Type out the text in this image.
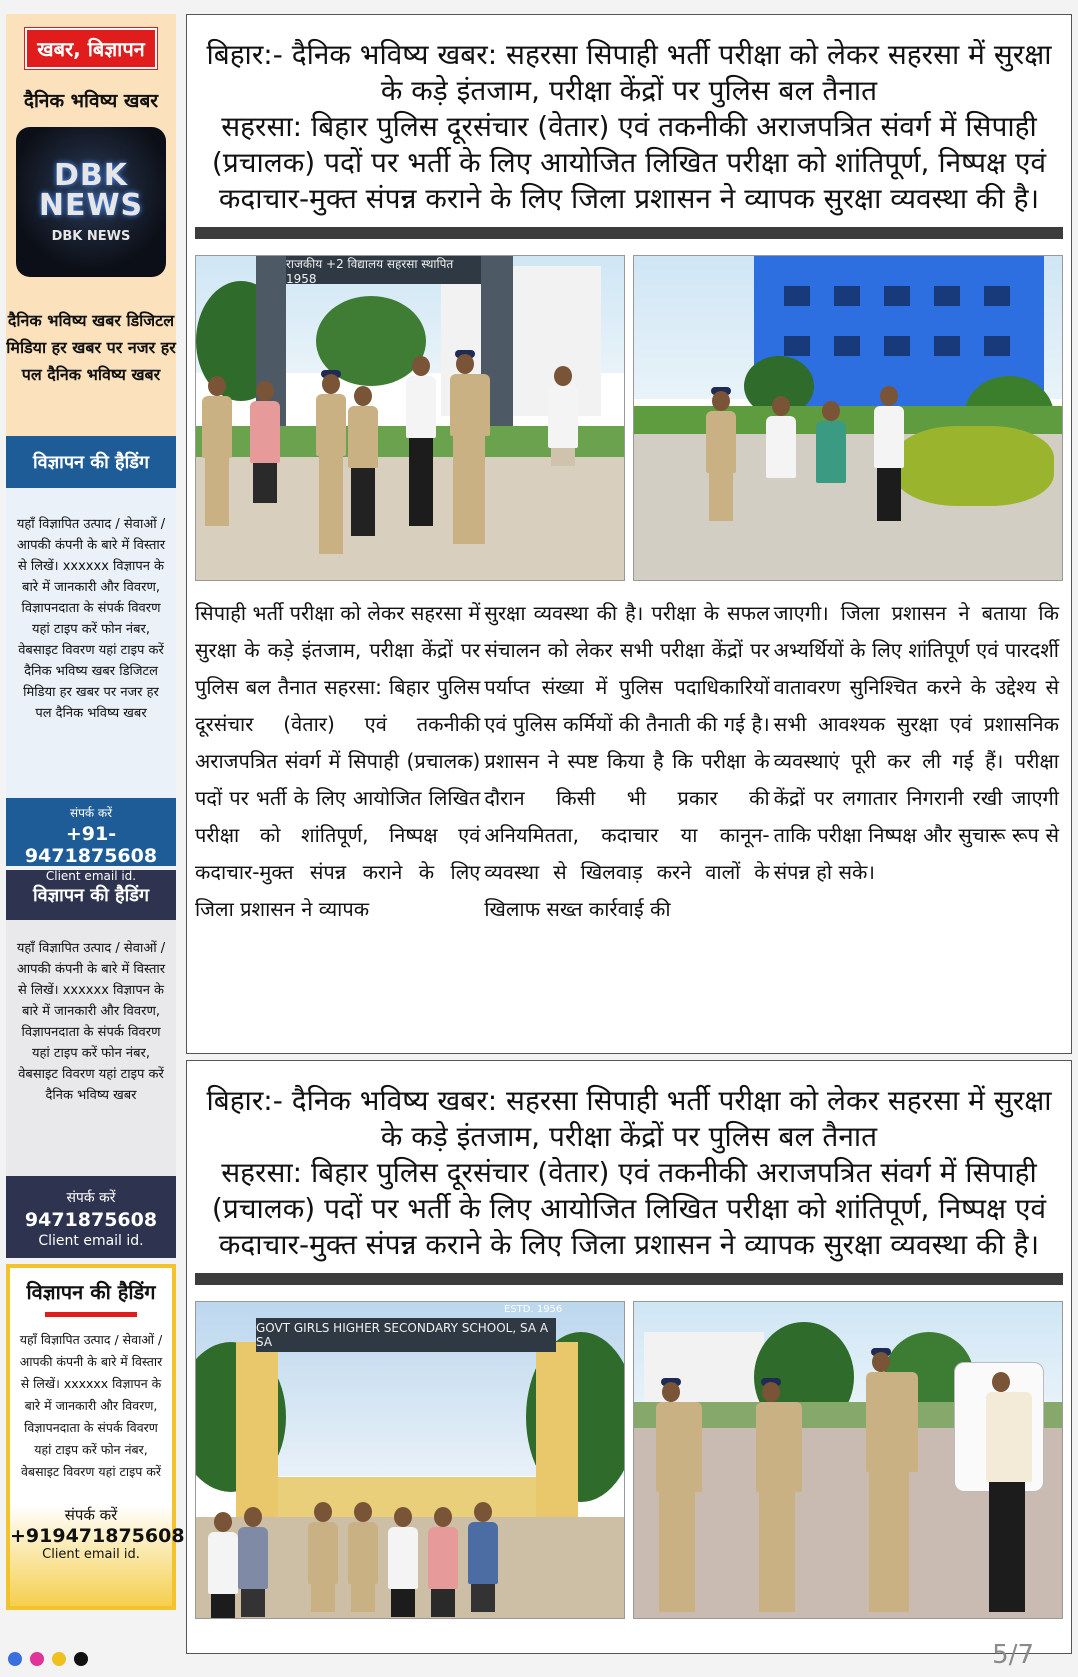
खबर, बिज्ञापन
दैनिक भविष्य खबर
DBK
NEWS
DBK NEWS
दैनिक भविष्य खबर डिजिटल मिडिया हर खबर पर नजर हर पल दैनिक भविष्य खबर
विज्ञापन की हैडिंग
यहाँ विज्ञापित उत्पाद / सेवाओं / आपकी कंपनी के बारे में विस्तार से लिखें। xxxxxx विज्ञापन के बारे में जानकारी और विवरण, विज्ञापनदाता के संपर्क विवरण यहां टाइप करें फोन नंबर, वेबसाइट विवरण यहां टाइप करें दैनिक भविष्य खबर डिजिटल मिडिया हर खबर पर नजर हर पल दैनिक भविष्य खबर
संपर्क करें
+91-9471875608
Client email id.
विज्ञापन की हैडिंग
यहाँ विज्ञापित उत्पाद / सेवाओं / आपकी कंपनी के बारे में विस्तार से लिखें। xxxxxx विज्ञापन के बारे में जानकारी और विवरण, विज्ञापनदाता के संपर्क विवरण यहां टाइप करें फोन नंबर, वेबसाइट विवरण यहां टाइप करें दैनिक भविष्य खबर
संपर्क करें
9471875608
Client email id.
विज्ञापन की हैडिंग
यहाँ विज्ञापित उत्पाद / सेवाओं / आपकी कंपनी के बारे में विस्तार से लिखें। xxxxxx विज्ञापन के बारे में जानकारी और विवरण, विज्ञापनदाता के संपर्क विवरण यहां टाइप करें फोन नंबर, वेबसाइट विवरण यहां टाइप करें
संपर्क करें
+919471875608
Client email id.
बिहार:- दैनिक भविष्य खबर: सहरसा सिपाही भर्ती परीक्षा को लेकर सहरसा में सुरक्षा के कड़े इंतजाम, परीक्षा केंद्रों पर पुलिस बल तैनात

सहरसा: बिहार पुलिस दूरसंचार (वेतार) एवं तकनीकी अराजपत्रित संवर्ग में सिपाही (प्रचालक) पदों पर भर्ती के लिए आयोजित लिखित परीक्षा को शांतिपूर्ण, निष्पक्ष एवं कदाचार-मुक्त संपन्न कराने के लिए जिला प्रशासन ने व्यापक सुरक्षा व्यवस्था की है।

राजकीय +2 विद्यालय सहरसा स्थापित 1958

सिपाही भर्ती परीक्षा को लेकर सहरसा में सुरक्षा के कड़े इंतजाम, परीक्षा केंद्रों पर पुलिस बल तैनात सहरसा: बिहार पुलिस दूरसंचार (वेतार) एवं तकनीकी अराजपत्रित संवर्ग में सिपाही (प्रचालक) पदों पर भर्ती के लिए आयोजित लिखित परीक्षा को शांतिपूर्ण, निष्पक्ष एवं कदाचार-मुक्त संपन्न कराने के लिए जिला प्रशासन ने व्यापक

सुरक्षा व्यवस्था की है। परीक्षा के सफल संचालन को लेकर सभी परीक्षा केंद्रों पर पर्याप्त संख्या में पुलिस पदाधिकारियों एवं पुलिस कर्मियों की तैनाती की गई है। प्रशासन ने स्पष्ट किया है कि परीक्षा के दौरान किसी भी प्रकार की अनियमितता, कदाचार या कानून-व्यवस्था से खिलवाड़ करने वालों के खिलाफ सख्त कार्रवाई की

जाएगी। जिला प्रशासन ने बताया कि अभ्यर्थियों के लिए शांतिपूर्ण एवं पारदर्शी वातावरण सुनिश्चित करने के उद्देश्य से सभी आवश्यक सुरक्षा एवं प्रशासनिक व्यवस्थाएं पूरी कर ली गई हैं। परीक्षा केंद्रों पर लगातार निगरानी रखी जाएगी ताकि परीक्षा निष्पक्ष और सुचारू रूप से संपन्न हो सके।

बिहार:- दैनिक भविष्य खबर: सहरसा सिपाही भर्ती परीक्षा को लेकर सहरसा में सुरक्षा के कड़े इंतजाम, परीक्षा केंद्रों पर पुलिस बल तैनात

सहरसा: बिहार पुलिस दूरसंचार (वेतार) एवं तकनीकी अराजपत्रित संवर्ग में सिपाही (प्रचालक) पदों पर भर्ती के लिए आयोजित लिखित परीक्षा को शांतिपूर्ण, निष्पक्ष एवं कदाचार-मुक्त संपन्न कराने के लिए जिला प्रशासन ने व्यापक सुरक्षा व्यवस्था की है।

GOVT GIRLS HIGHER SECONDARY SCHOOL, SA A SA
ESTD. 1956
5/7
